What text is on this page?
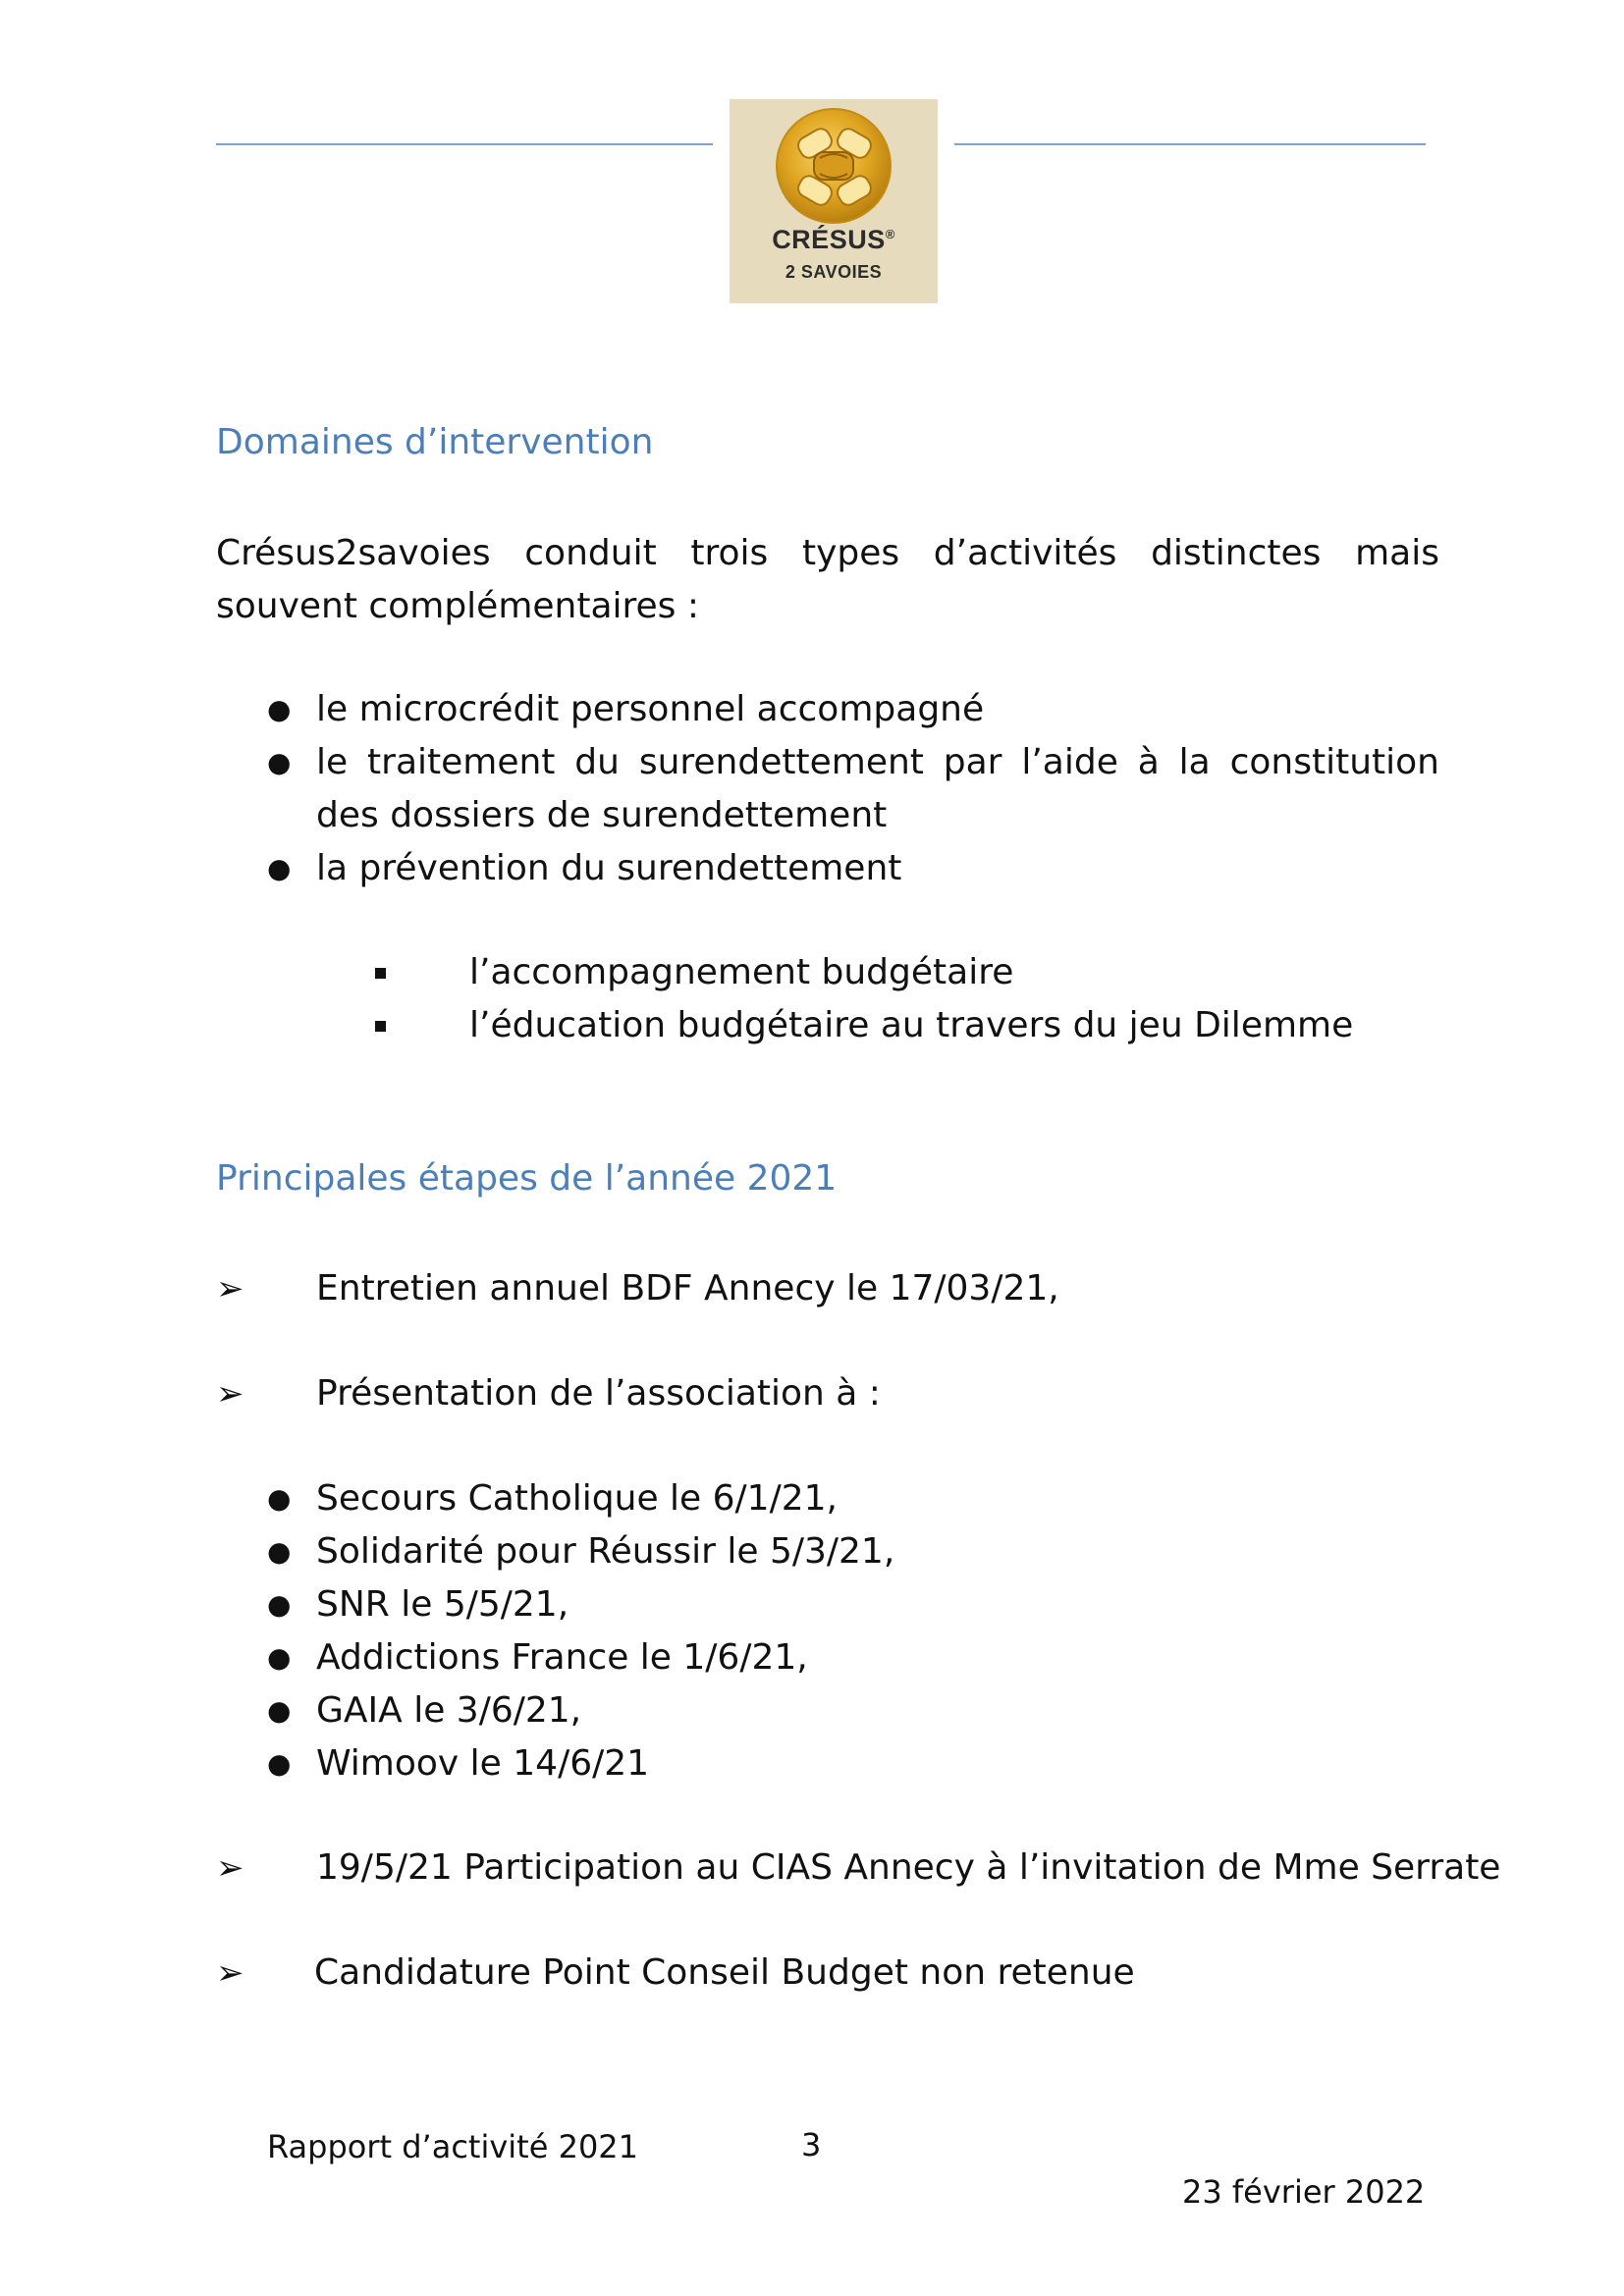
CRÉSUS®
2 SAVOIES
Domaines d’intervention
Crésus2savoies conduit trois types d’activités distinctes mais souvent complémentaires :
● le microcrédit personnel accompagné
● le traitement du surendettement par l’aide à la constitution des dossiers de surendettement
● la prévention du surendettement
l’accompagnement budgétaire
l’éducation budgétaire au travers du jeu Dilemme
Principales étapes de l’année 2021
➢ Entretien annuel BDF Annecy le 17/03/21,
➢ Présentation de l’association à :
● Secours Catholique le 6/1/21,
● Solidarité pour Réussir le 5/3/21,
● SNR le 5/5/21,
● Addictions France le 1/6/21,
● GAIA le 3/6/21,
● Wimoov le 14/6/21
➢ 19/5/21 Participation au CIAS Annecy à l’invitation de Mme Serrate
➢ Candidature Point Conseil Budget non retenue
Rapport d’activité 2021	3
23 février 2022
